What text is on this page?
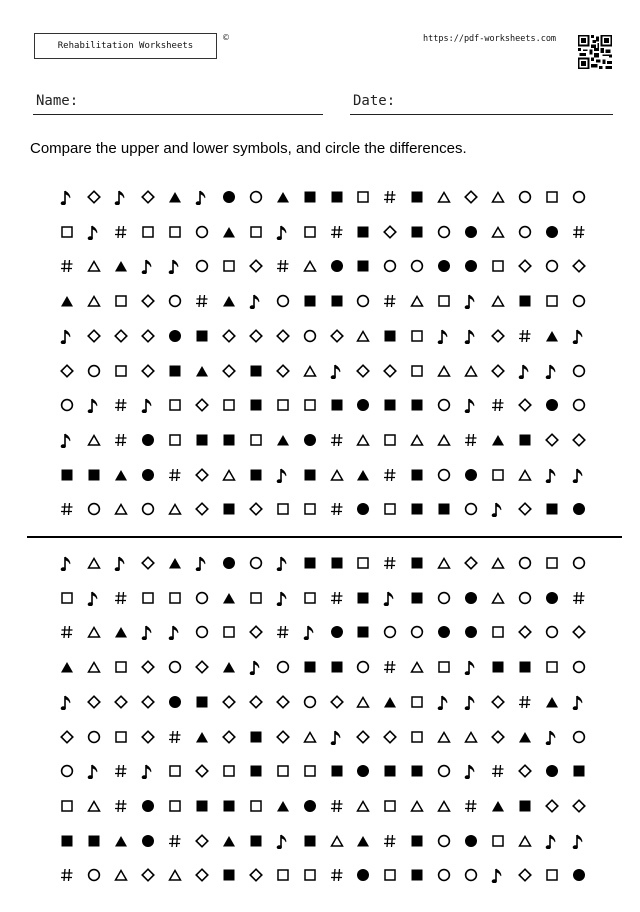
Rehabilitation Worksheets
©	https://pdf-worksheets.com
Name:	Date:
Compare the upper and lower symbols, and circle the differences.
